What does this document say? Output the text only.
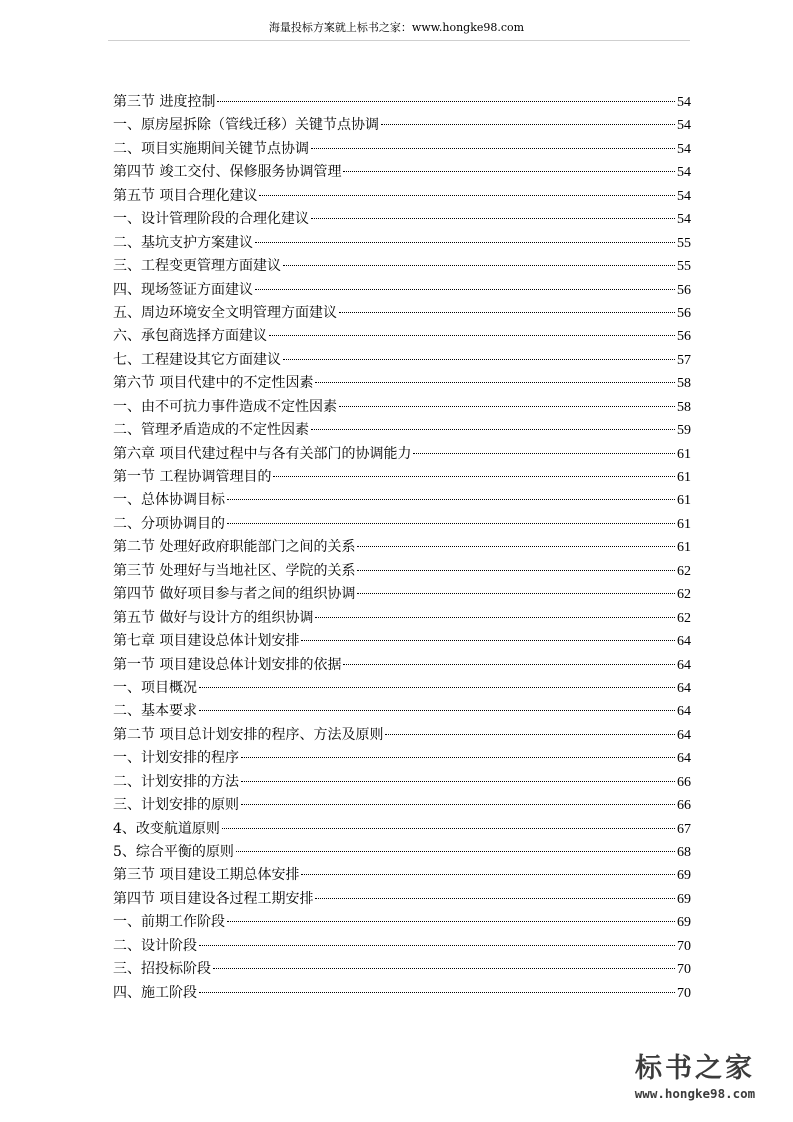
海量投标方案就上标书之家：www.hongke98.com
第三节 进度控制	54
一、原房屋拆除（管线迁移）关键节点协调	54
二、项目实施期间关键节点协调	54
第四节 竣工交付、保修服务协调管理	54
第五节 项目合理化建议	54
一、设计管理阶段的合理化建议	54
二、基坑支护方案建议	55
三、工程变更管理方面建议	55
四、现场签证方面建议	56
五、周边环境安全文明管理方面建议	56
六、承包商选择方面建议	56
七、工程建设其它方面建议	57
第六节 项目代建中的不定性因素	58
一、由不可抗力事件造成不定性因素	58
二、管理矛盾造成的不定性因素	59
第六章 项目代建过程中与各有关部门的协调能力	61
第一节 工程协调管理目的	61
一、总体协调目标	61
二、分项协调目的	61
第二节 处理好政府职能部门之间的关系	61
第三节 处理好与当地社区、学院的关系	62
第四节 做好项目参与者之间的组织协调	62
第五节 做好与设计方的组织协调	62
第七章 项目建设总体计划安排	64
第一节 项目建设总体计划安排的依据	64
一、项目概况	64
二、基本要求	64
第二节 项目总计划安排的程序、方法及原则	64
一、计划安排的程序	64
二、计划安排的方法	66
三、计划安排的原则	66
4、改变航道原则	67
5、综合平衡的原则	68
第三节 项目建设工期总体安排	69
第四节 项目建设各过程工期安排	69
一、前期工作阶段	69
二、设计阶段	70
三、招投标阶段	70
四、施工阶段	70
标书之家
www.hongke98.com
